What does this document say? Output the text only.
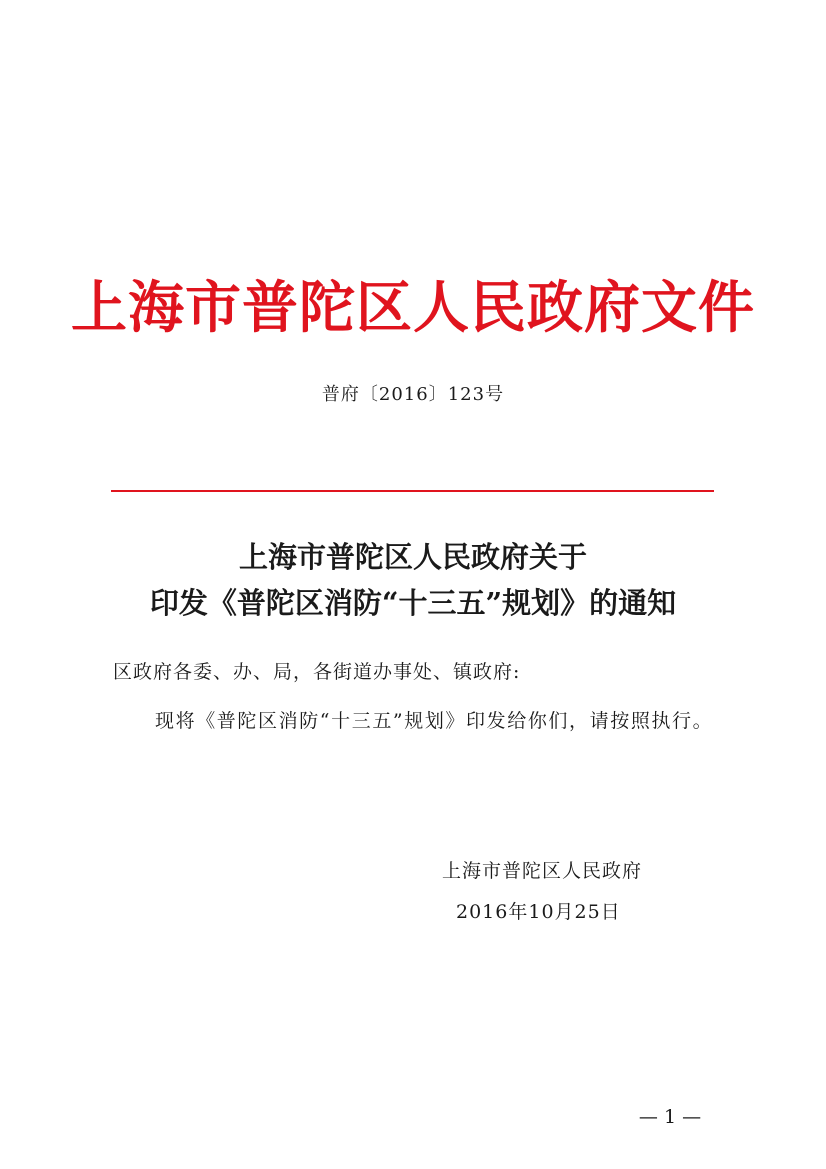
上海市普陀区人民政府文件
普府〔2016〕123号
上海市普陀区人民政府关于
印发《普陀区消防“十三五”规划》的通知
区政府各委、办、局，各街道办事处、镇政府:
现将《普陀区消防“十三五”规划》印发给你们，请按照执行。
上海市普陀区人民政府
2016年10月25日
— 1 —
